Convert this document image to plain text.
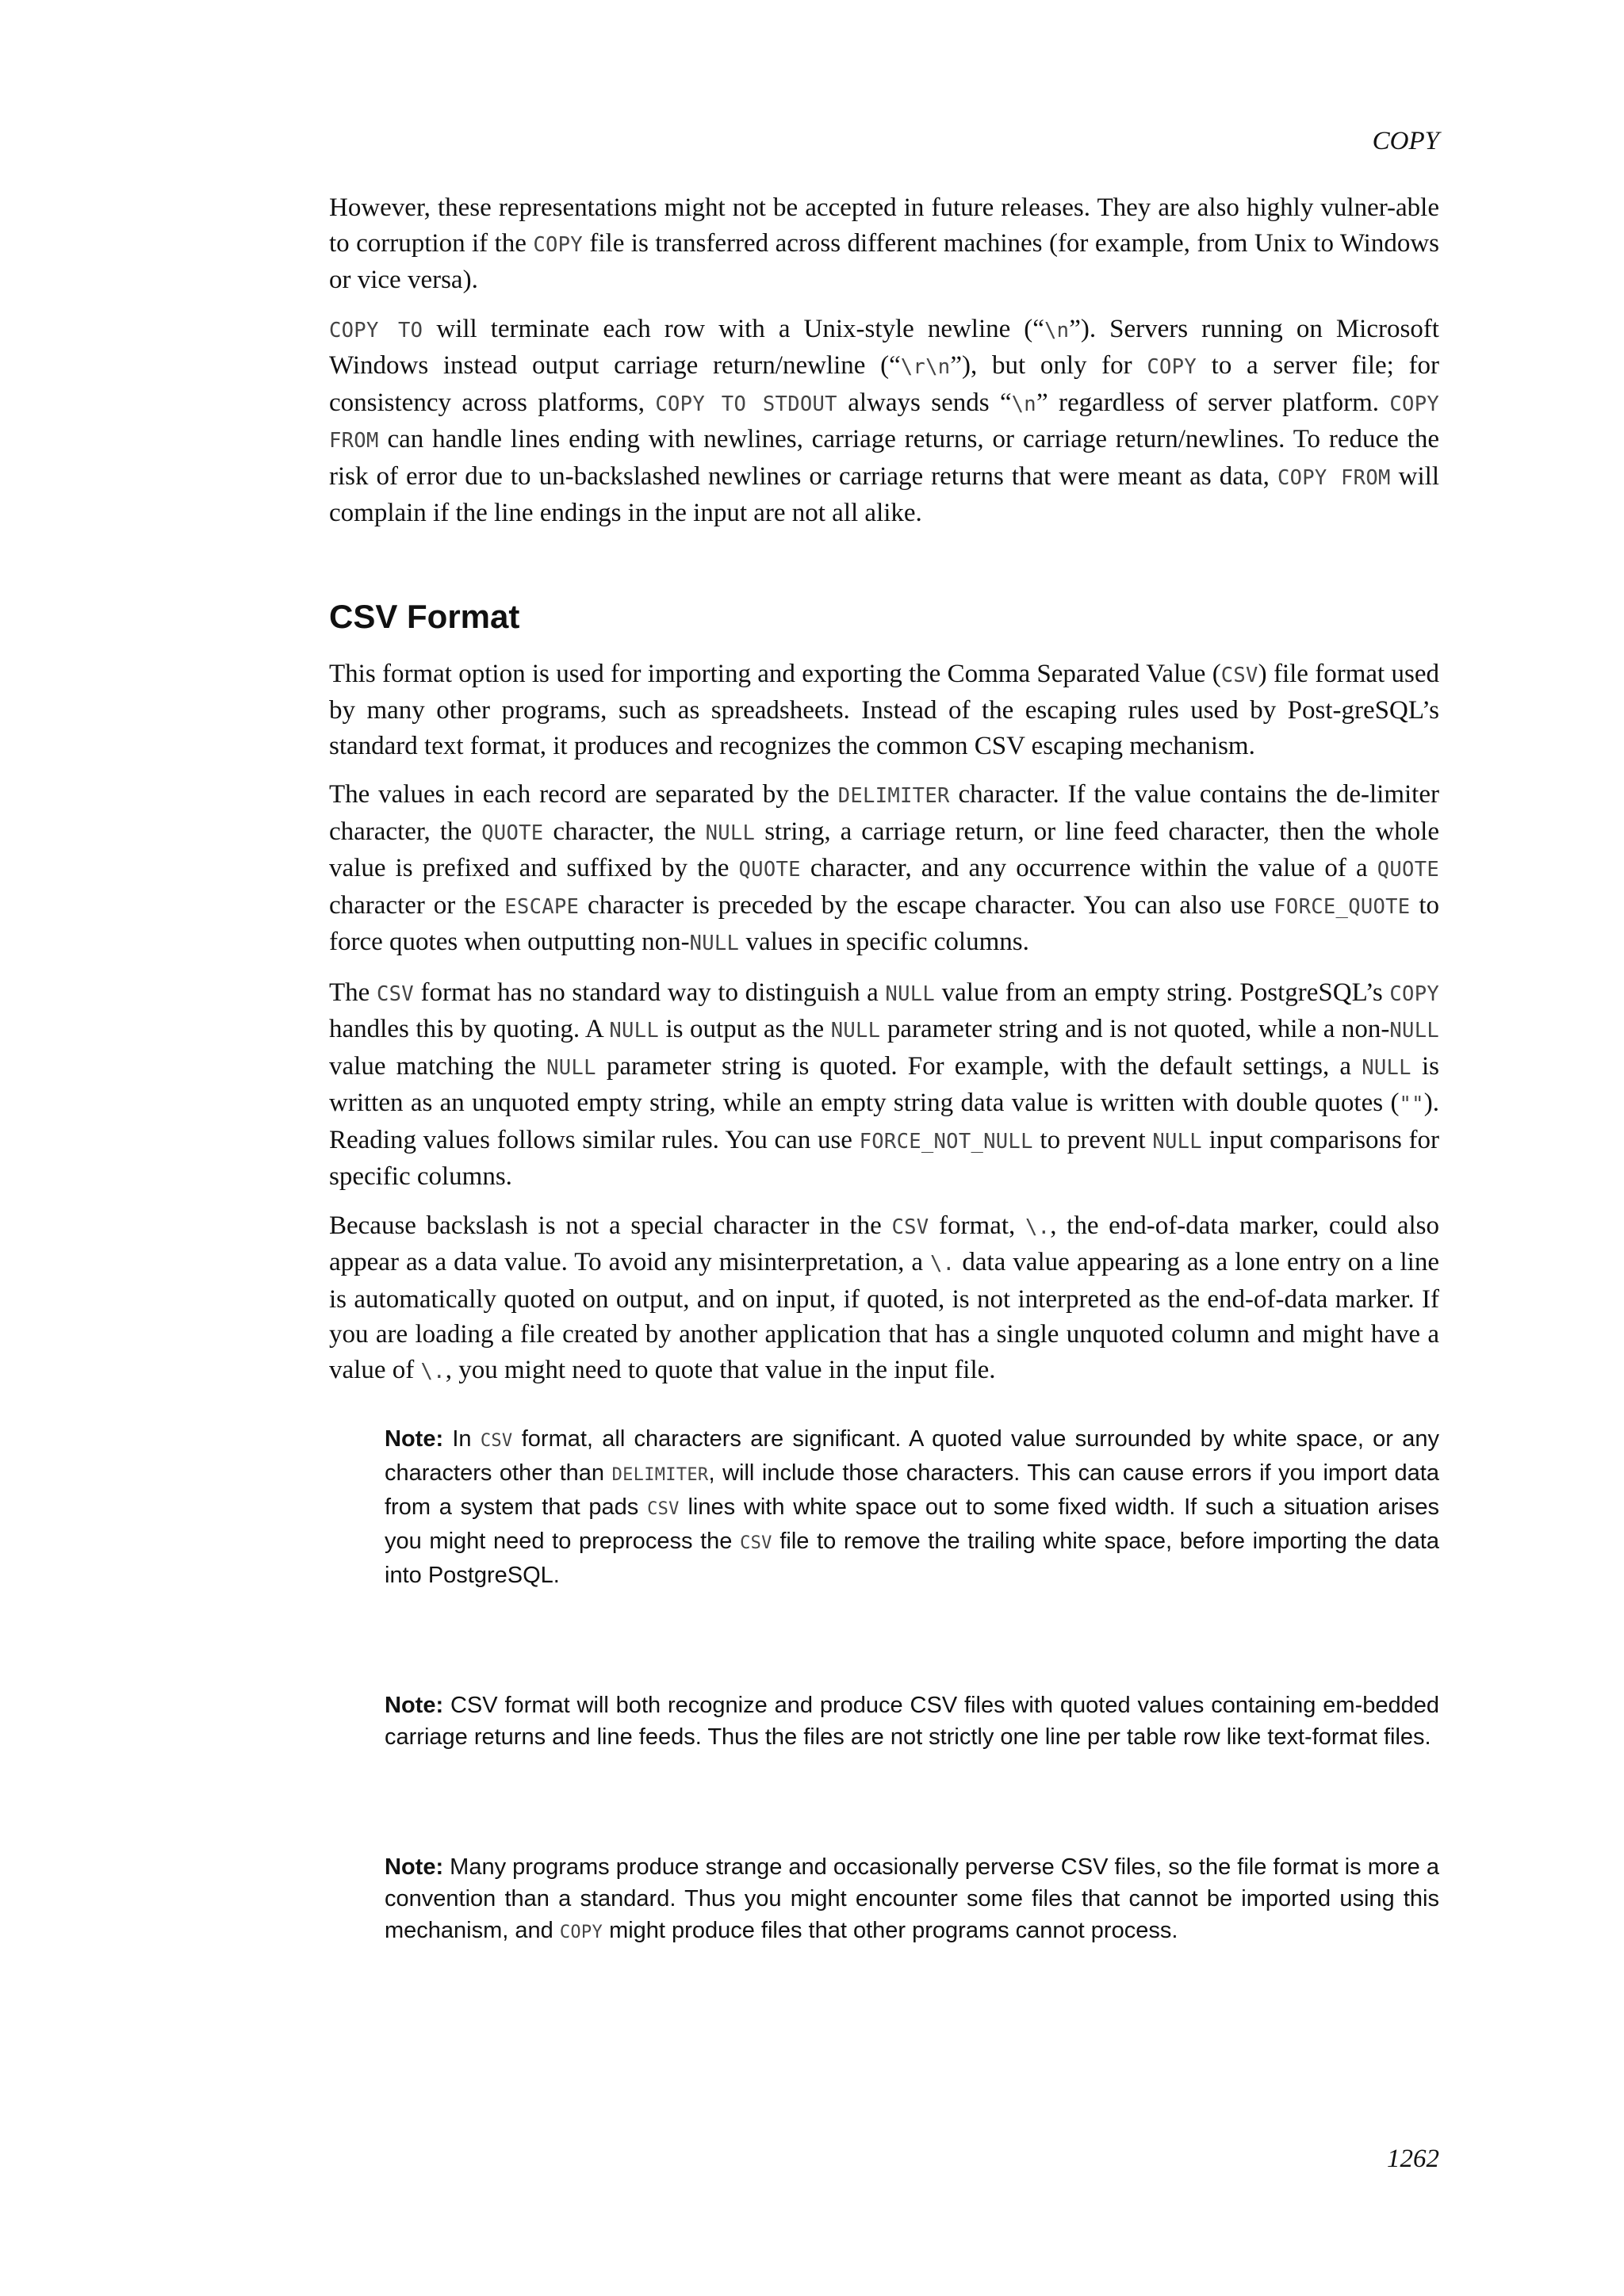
COPY

However, these representations might not be accepted in future releases. They are also highly vulner-able to corruption if the COPY file is transferred across different machines (for example, from Unix to Windows or vice versa).

COPY TO will terminate each row with a Unix-style newline (“\n”). Servers running on Microsoft Windows instead output carriage return/newline (“\r\n”), but only for COPY to a server file; for consistency across platforms, COPY TO STDOUT always sends “\n” regardless of server platform. COPY FROM can handle lines ending with newlines, carriage returns, or carriage return/newlines. To reduce the risk of error due to un-backslashed newlines or carriage returns that were meant as data, COPY FROM will complain if the line endings in the input are not all alike.

CSV Format

This format option is used for importing and exporting the Comma Separated Value (CSV) file format used by many other programs, such as spreadsheets. Instead of the escaping rules used by Post-greSQL’s standard text format, it produces and recognizes the common CSV escaping mechanism.

The values in each record are separated by the DELIMITER character. If the value contains the de-limiter character, the QUOTE character, the NULL string, a carriage return, or line feed character, then the whole value is prefixed and suffixed by the QUOTE character, and any occurrence within the value of a QUOTE character or the ESCAPE character is preceded by the escape character. You can also use FORCE_QUOTE to force quotes when outputting non-NULL values in specific columns.

The CSV format has no standard way to distinguish a NULL value from an empty string. PostgreSQL’s COPY handles this by quoting. A NULL is output as the NULL parameter string and is not quoted, while a non-NULL value matching the NULL parameter string is quoted. For example, with the default settings, a NULL is written as an unquoted empty string, while an empty string data value is written with double quotes (""). Reading values follows similar rules. You can use FORCE_NOT_NULL to prevent NULL input comparisons for specific columns.

Because backslash is not a special character in the CSV format, \., the end-of-data marker, could also appear as a data value. To avoid any misinterpretation, a \. data value appearing as a lone entry on a line is automatically quoted on output, and on input, if quoted, is not interpreted as the end-of-data marker. If you are loading a file created by another application that has a single unquoted column and might have a value of \., you might need to quote that value in the input file.

Note: In CSV format, all characters are significant. A quoted value surrounded by white space, or any characters other than DELIMITER, will include those characters. This can cause errors if you import data from a system that pads CSV lines with white space out to some fixed width. If such a situation arises you might need to preprocess the CSV file to remove the trailing white space, before importing the data into PostgreSQL.
Note: CSV format will both recognize and produce CSV files with quoted values containing em-bedded carriage returns and line feeds. Thus the files are not strictly one line per table row like text-format files.
Note: Many programs produce strange and occasionally perverse CSV files, so the file format is more a convention than a standard. Thus you might encounter some files that cannot be imported using this mechanism, and COPY might produce files that other programs cannot process.
1262
